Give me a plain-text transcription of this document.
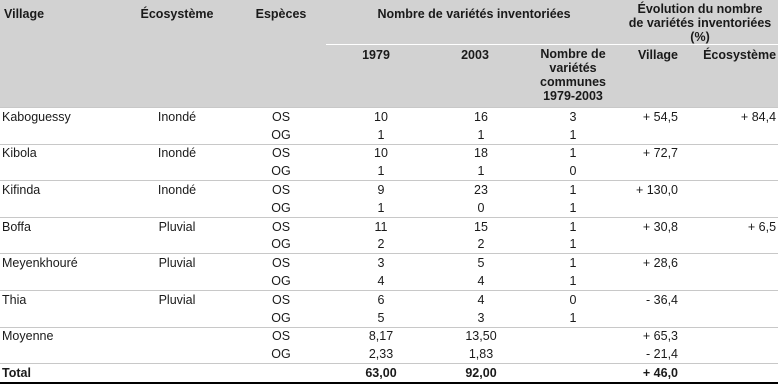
Village	Écosystème	Espèces	Nombre de variétés inventoriées			Évolution du nombre
de variétés inventoriées (%)	

			1979	2003	Nombre de variétés communes 1979-2003	Village	Écosystème
Kaboguessy	Inondé	OS	10	16	3	+ 54,5	+ 84,4
		OG	1	1	1		
Kibola	Inondé	OS	10	18	1	+ 72,7	
		OG	1	1	0		
Kifinda	Inondé	OS	9	23	1	+ 130,0	
		OG	1	0	1		
Boffa	Pluvial	OS	11	15	1	+ 30,8	+ 6,5
		OG	2	2	1		
Meyenkhouré	Pluvial	OS	3	5	1	+ 28,6	
		OG	4	4	1		
Thia	Pluvial	OS	6	4	0	- 36,4	
		OG	5	3	1		
Moyenne		OS	8,17	13,50		+ 65,3	
		OG	2,33	1,83		- 21,4	
Total			63,00	92,00		+ 46,0	
